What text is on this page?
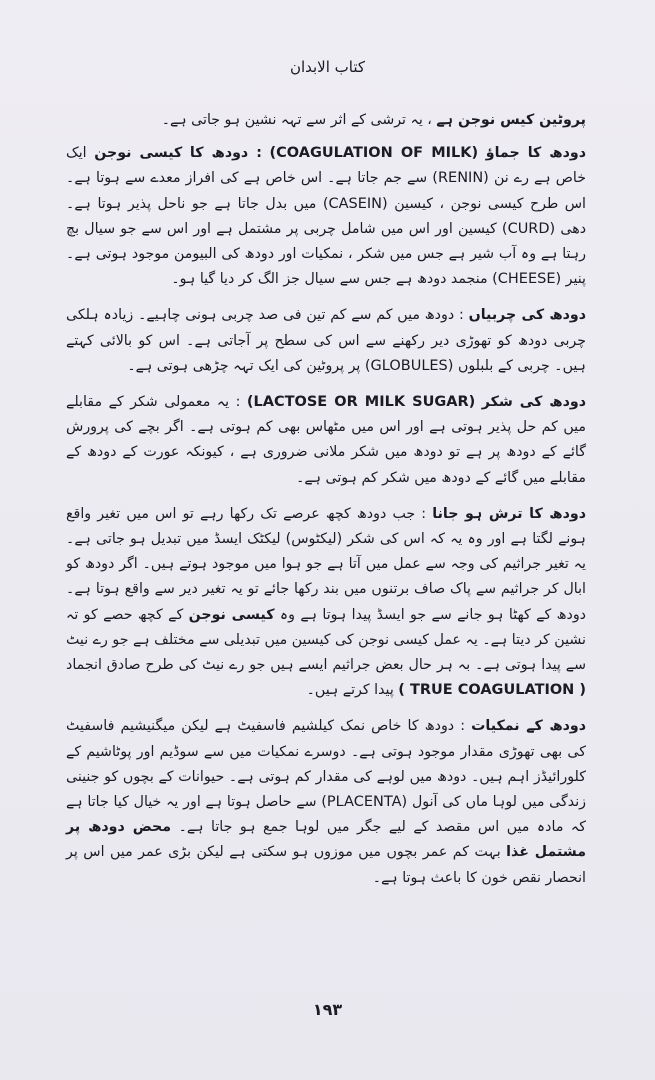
کتاب الابدان

پروٹین کیس نوجن ہے ، یہ ترشی کے اثر سے تہہ نشین ہو جاتی ہے۔

دودھ کا جماؤ (COAGULATION OF MILK) : دودھ کا کیسی نوجن ایک خاص ہے رے نن (RENIN) سے جم جاتا ہے۔ اس خاص ہے کی افراز معدے سے ہوتا ہے۔ اس طرح کیسی نوجن ، کیسین (CASEIN) میں بدل جاتا ہے جو ناحل پذیر ہوتا ہے۔ دھی (CURD) کیسین اور اس میں شامل چربی پر مشتمل ہے اور اس سے جو سیال بچ رہتا ہے وہ آب شیر ہے جس میں شکر ، نمکیات اور دودھ کی البیومن موجود ہوتی ہے۔ پنیر (CHEESE) منجمد دودھ ہے جس سے سیال جز الگ کر دیا گیا ہو۔

دودھ کی چربیاں : دودھ میں کم سے کم تین فی صد چربی ہونی چاہیے۔ زیادہ ہلکی چربی دودھ کو تھوڑی دیر رکھنے سے اس کی سطح پر آجاتی ہے۔ اس کو بالائی کہتے ہیں۔ چربی کے بلبلوں (GLOBULES) پر پروٹین کی ایک تہہ چڑھی ہوتی ہے۔

دودھ کی شکر (LACTOSE OR MILK SUGAR) : یہ معمولی شکر کے مقابلے میں کم حل پذیر ہوتی ہے اور اس میں مٹھاس بھی کم ہوتی ہے۔ اگر بچے کی پرورش گائے کے دودھ پر ہے تو دودھ میں شکر ملانی ضروری ہے ، کیونکہ عورت کے دودھ کے مقابلے میں گائے کے دودھ میں شکر کم ہوتی ہے۔

دودھ کا ترش ہو جانا : جب دودھ کچھ عرصے تک رکھا رہے تو اس میں تغیر واقع ہونے لگتا ہے اور وہ یہ کہ اس کی شکر (لیکٹوس) لیکٹک ایسڈ میں تبدیل ہو جاتی ہے۔ یہ تغیر جراثیم کی وجہ سے عمل میں آتا ہے جو ہوا میں موجود ہوتے ہیں۔ اگر دودھ کو ابال کر جراثیم سے پاک صاف برتنوں میں بند رکھا جائے تو یہ تغیر دیر سے واقع ہوتا ہے۔ دودھ کے کھٹا ہو جانے سے جو ایسڈ پیدا ہوتا ہے وہ کیسی نوجن کے کچھ حصے کو تہ نشین کر دیتا ہے۔ یہ عمل کیسی نوجن کی کیسین میں تبدیلی سے مختلف ہے جو رے نیٹ سے پیدا ہوتی ہے۔ بہ ہر حال بعض جراثیم ایسے ہیں جو رے نیٹ کی طرح صادق انجماد ( TRUE COAGULATION ) پیدا کرتے ہیں۔

دودھ کے نمکیات : دودھ کا خاص نمک کیلشیم فاسفیٹ ہے لیکن میگنیشیم فاسفیٹ کی بھی تھوڑی مقدار موجود ہوتی ہے۔ دوسرے نمکیات میں سے سوڈیم اور پوٹاشیم کے کلورائیڈز اہم ہیں۔ دودھ میں لوہے کی مقدار کم ہوتی ہے۔ حیوانات کے بچوں کو جنینی زندگی میں لوہا ماں کی آنول (PLACENTA) سے حاصل ہوتا ہے اور یہ خیال کیا جاتا ہے کہ مادہ میں اس مقصد کے لیے جگر میں لوہا جمع ہو جاتا ہے۔ محض دودھ پر مشتمل غذا بہت کم عمر بچوں میں موزوں ہو سکتی ہے لیکن بڑی عمر میں اس پر انحصار نقص خون کا باعث ہوتا ہے۔

۱۹۳
